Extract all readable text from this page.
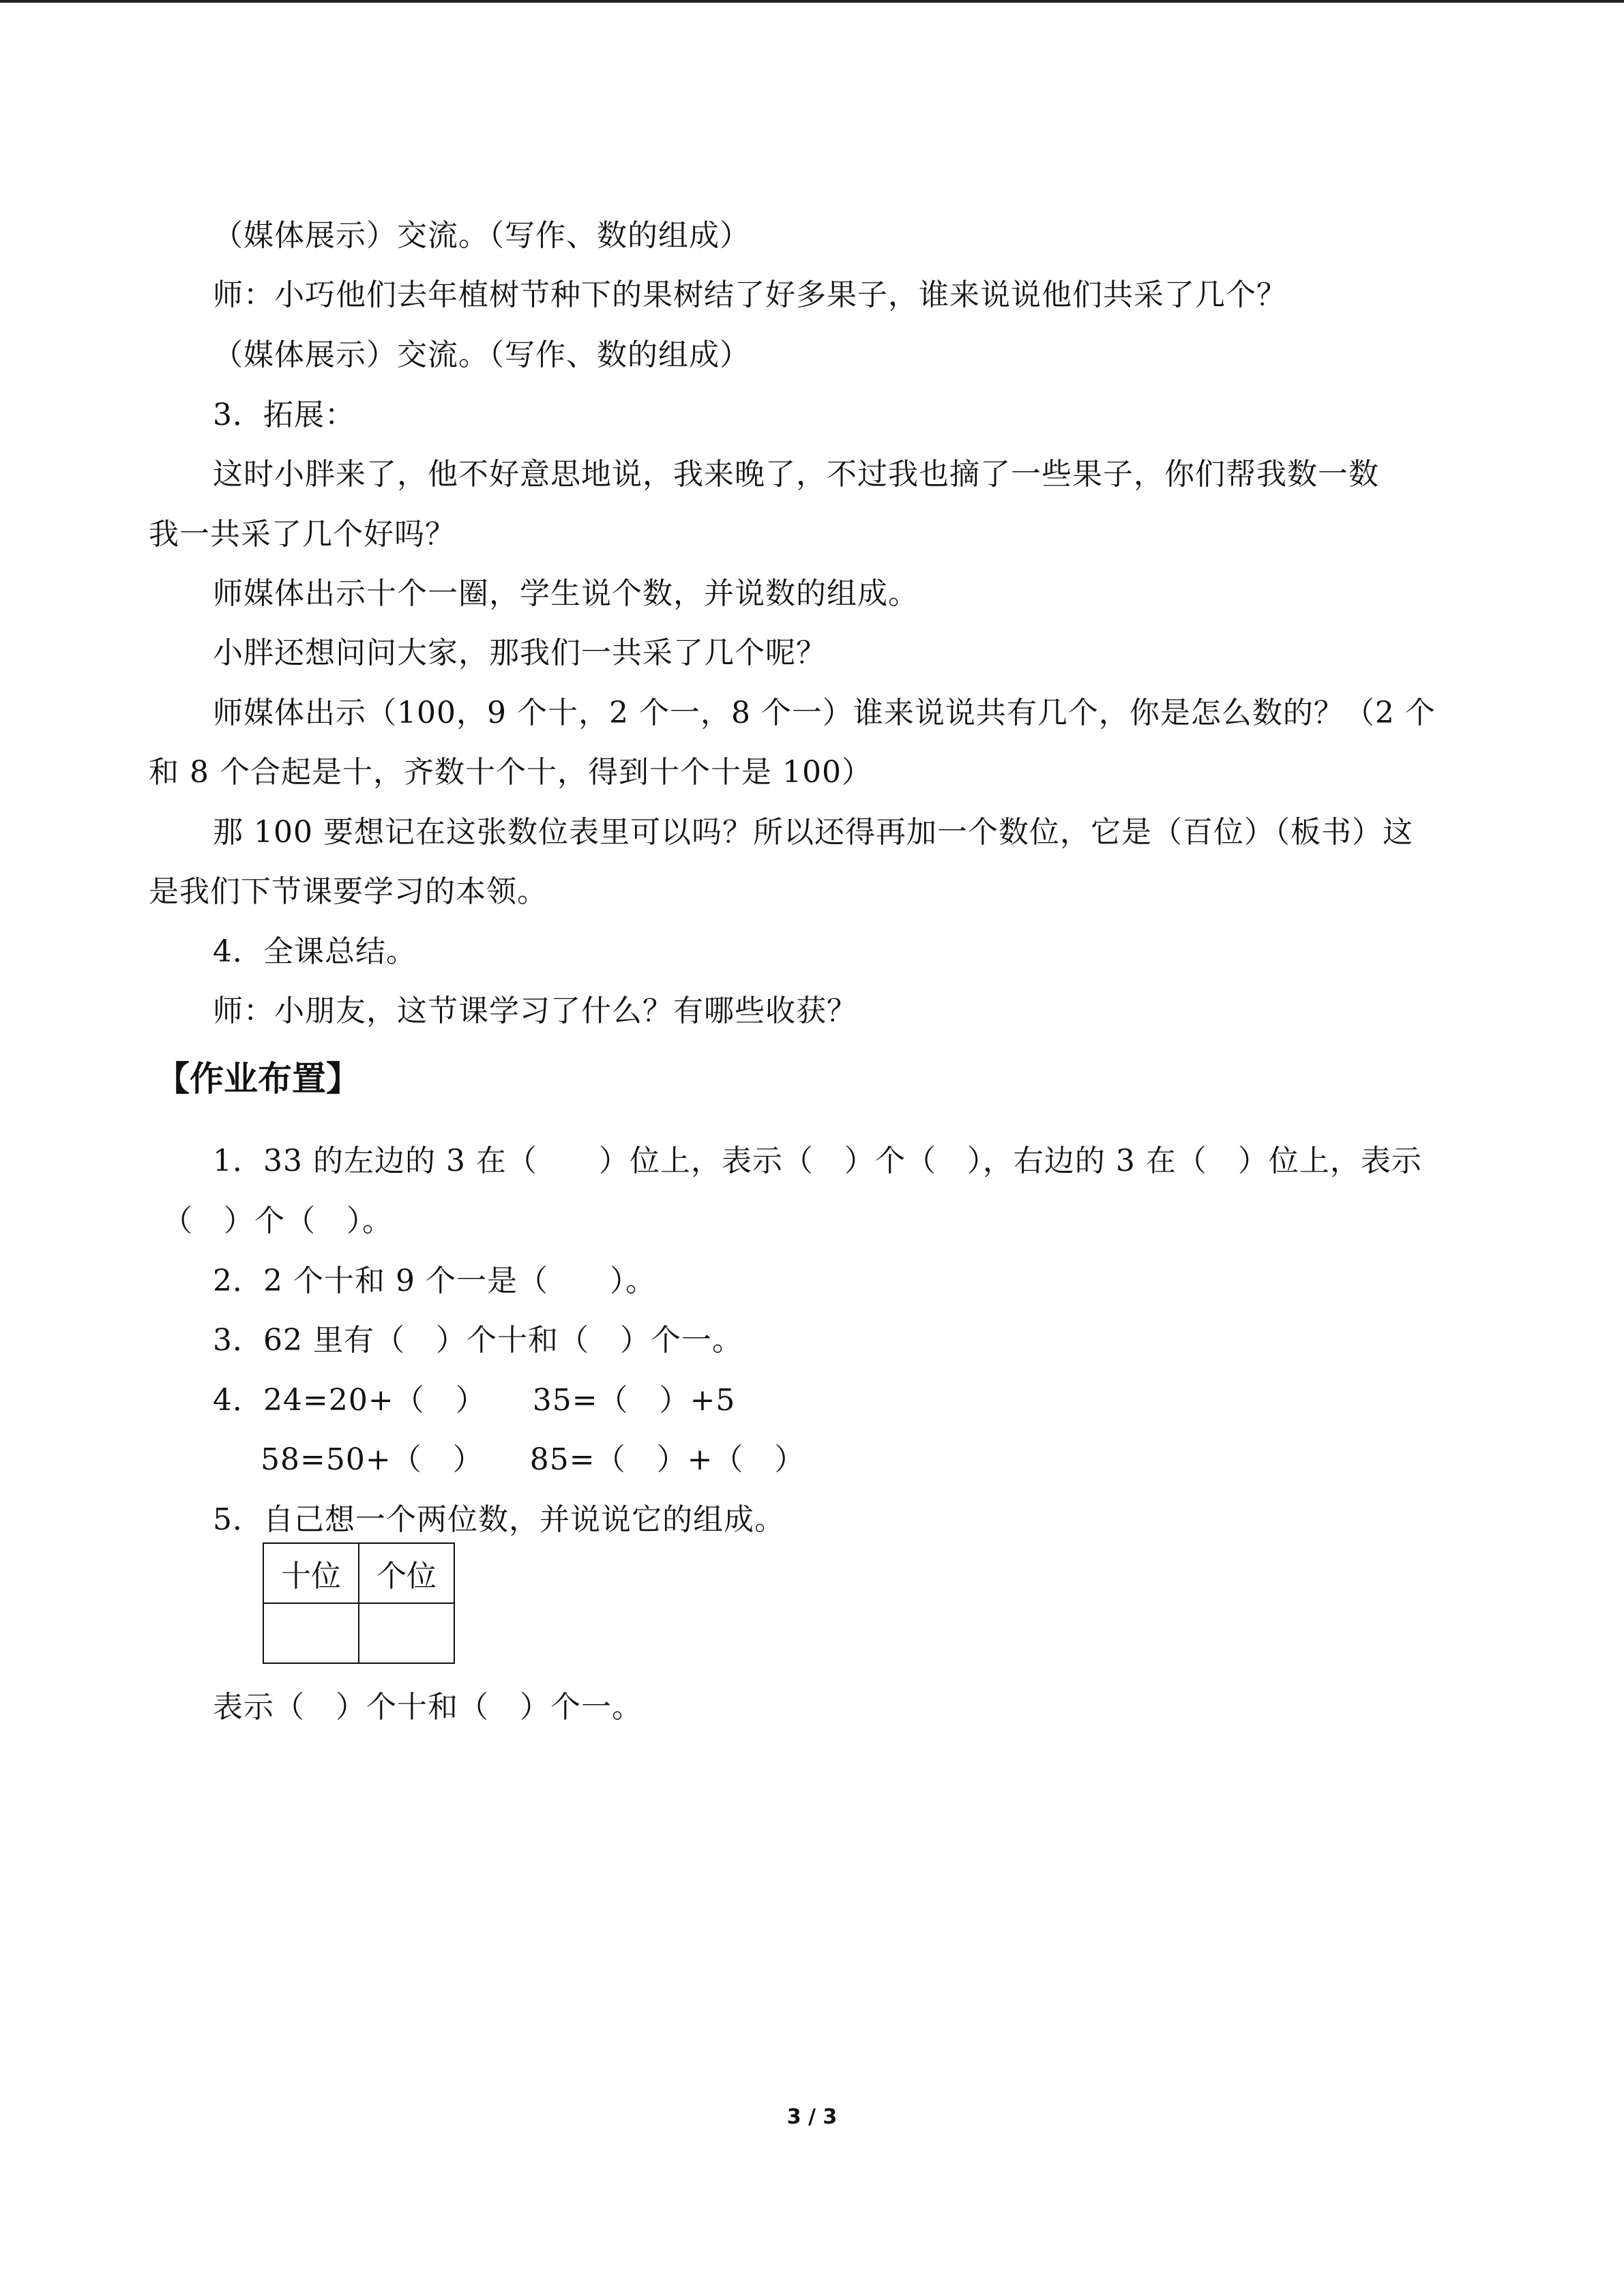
（媒体展示）交流。（写作、数的组成）

师：小巧他们去年植树节种下的果树结了好多果子，谁来说说他们共采了几个？

（媒体展示）交流。（写作、数的组成）

3．拓展：

这时小胖来了，他不好意思地说，我来晚了，不过我也摘了一些果子，你们帮我数一数

我一共采了几个好吗？

师媒体出示十个一圈，学生说个数，并说数的组成。

小胖还想问问大家，那我们一共采了几个呢？

师媒体出示（100，9 个十，2 个一，8 个一）谁来说说共有几个，你是怎么数的？（2 个

和 8 个合起是十，齐数十个十，得到十个十是 100）

那 100 要想记在这张数位表里可以吗？所以还得再加一个数位，它是（百位）（板书）这

是我们下节课要学习的本领。

4．全课总结。

师：小朋友，这节课学习了什么？有哪些收获？

【作业布置】

1．33 的左边的 3 在（　　）位上，表示（　）个（　），右边的 3 在（　）位上，表示

（　）个（　）。

2．2 个十和 9 个一是（　　）。

3．62 里有（　）个十和（　）个一。

4．24=20+（　）　　35=（　）+5

58=50+（　）　　85=（　）+（　）

5．自己想一个两位数，并说说它的组成。

十位	个位

表示（　）个十和（　）个一。

3 / 3
